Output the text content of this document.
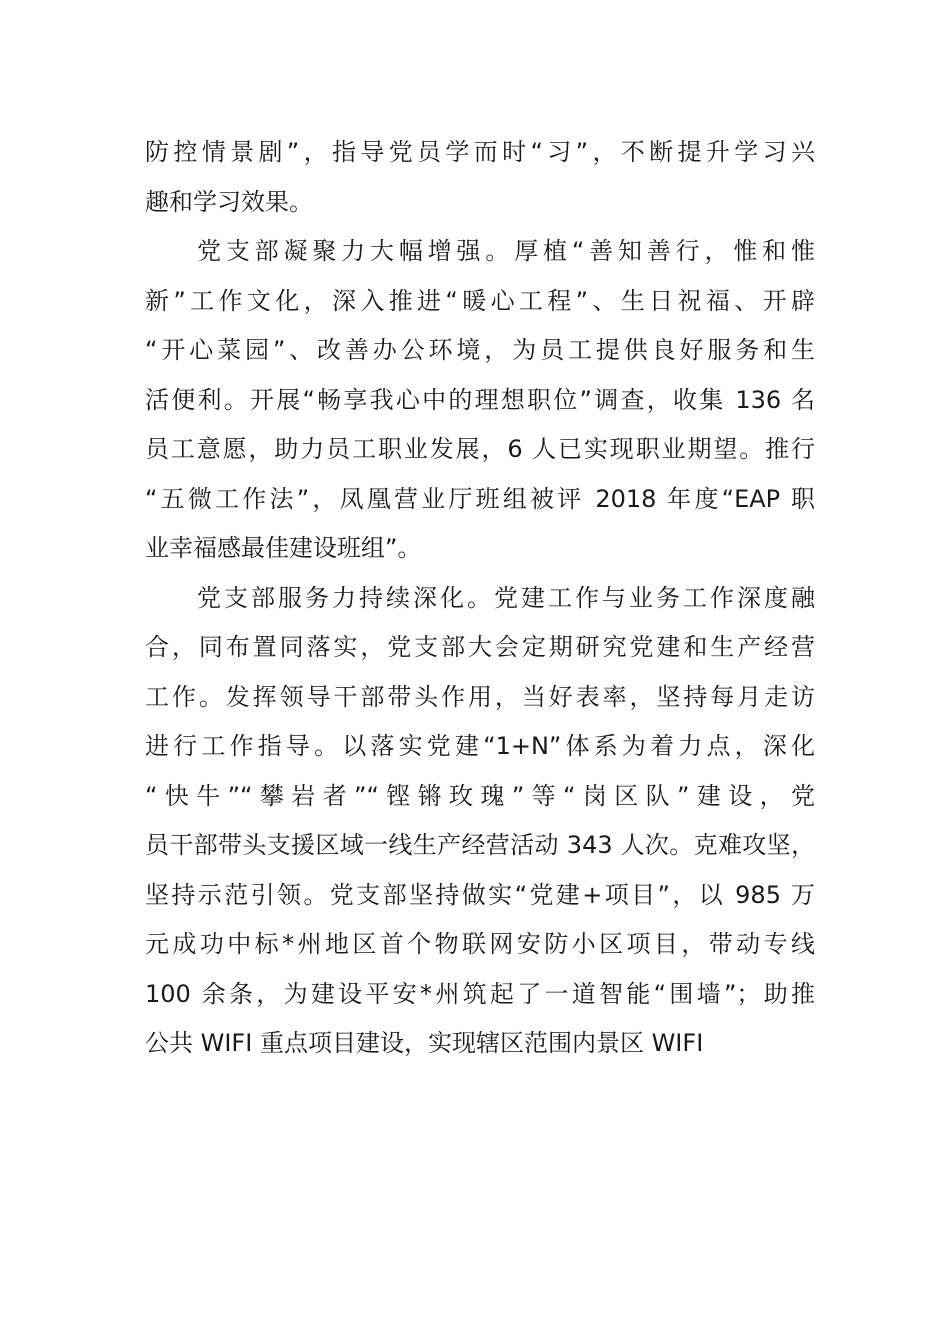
防控情景剧”，指导党员学而时“习”，不断提升学习兴
趣和学习效果。
党支部凝聚力大幅增强。厚植“善知善行，惟和惟
新”工作文化，深入推进“暖心工程”、生日祝福、开辟
“开心菜园”、改善办公环境，为员工提供良好服务和生
活便利。开展“畅享我心中的理想职位”调查，收集 136 名
员工意愿，助力员工职业发展，6 人已实现职业期望。推行
“五微工作法”，凤凰营业厅班组被评 2018 年度“EAP 职
业幸福感最佳建设班组”。
党支部服务力持续深化。党建工作与业务工作深度融
合，同布置同落实，党支部大会定期研究党建和生产经营
工作。发挥领导干部带头作用，当好表率，坚持每月走访
进行工作指导。以落实党建“1+N”体系为着力点，深化
“快牛”“攀岩者”“铿锵玫瑰”等“岗区队”建设，党
员干部带头支援区域一线生产经营活动 343 人次。克难攻坚，
坚持示范引领。党支部坚持做实“党建+项目”，以 985 万
元成功中标*州地区首个物联网安防小区项目，带动专线
100 余条，为建设平安*州筑起了一道智能“围墙”；助推
公共 WIFI 重点项目建设，实现辖区范围内景区 WIFI
